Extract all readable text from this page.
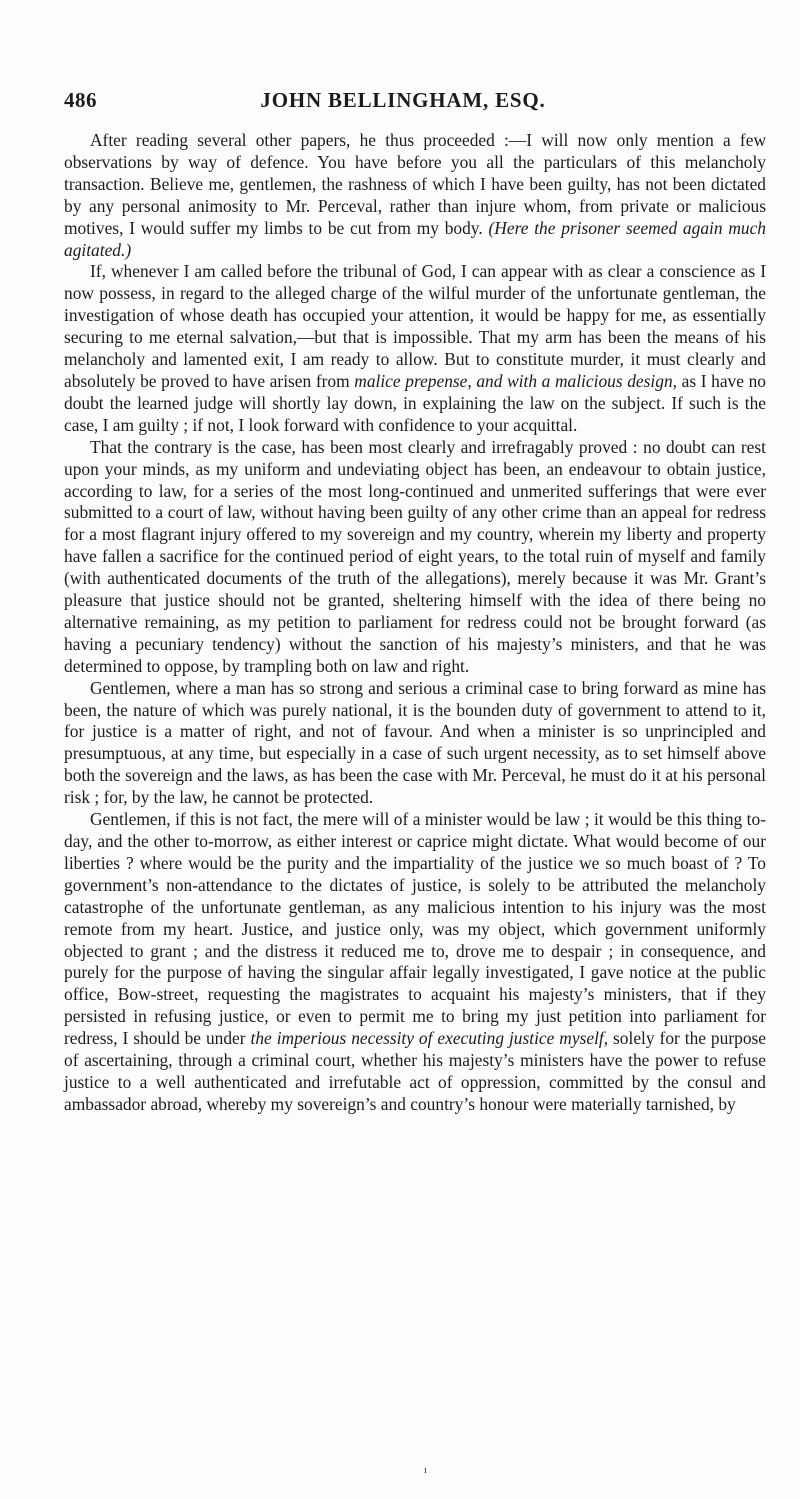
486	JOHN BELLINGHAM, ESQ.

After reading several other papers, he thus proceeded :—I will now only mention a few observations by way of defence. You have before you all the particulars of this melancholy transaction. Believe me, gentlemen, the rashness of which I have been guilty, has not been dictated by any personal animosity to Mr. Perceval, rather than injure whom, from private or malicious motives, I would suffer my limbs to be cut from my body. (Here the prisoner seemed again much agitated.)

If, whenever I am called before the tribunal of God, I can appear with as clear a conscience as I now possess, in regard to the alleged charge of the wilful murder of the unfortunate gentleman, the investigation of whose death has occupied your attention, it would be happy for me, as essentially securing to me eternal salvation,—but that is impossible. That my arm has been the means of his melancholy and lamented exit, I am ready to allow. But to constitute murder, it must clearly and absolutely be proved to have arisen from malice prepense, and with a malicious design, as I have no doubt the learned judge will shortly lay down, in explaining the law on the subject. If such is the case, I am guilty ; if not, I look forward with confidence to your acquittal.

That the contrary is the case, has been most clearly and irrefragably proved : no doubt can rest upon your minds, as my uniform and undeviating object has been, an endeavour to obtain justice, according to law, for a series of the most long-continued and unmerited sufferings that were ever submitted to a court of law, without having been guilty of any other crime than an appeal for redress for a most flagrant injury offered to my sovereign and my country, wherein my liberty and property have fallen a sacrifice for the continued period of eight years, to the total ruin of myself and family (with authenticated documents of the truth of the allegations), merely because it was Mr. Grant’s pleasure that justice should not be granted, sheltering himself with the idea of there being no alternative remaining, as my petition to parliament for redress could not be brought forward (as having a pecuniary tendency) without the sanction of his majesty’s ministers, and that he was determined to oppose, by trampling both on law and right.

Gentlemen, where a man has so strong and serious a criminal case to bring forward as mine has been, the nature of which was purely national, it is the bounden duty of government to attend to it, for justice is a matter of right, and not of favour. And when a minister is so unprincipled and presumptuous, at any time, but especially in a case of such urgent necessity, as to set himself above both the sovereign and the laws, as has been the case with Mr. Perceval, he must do it at his personal risk ; for, by the law, he cannot be protected.

Gentlemen, if this is not fact, the mere will of a minister would be law ; it would be this thing to-day, and the other to-morrow, as either interest or caprice might dictate. What would become of our liberties ? where would be the purity and the impartiality of the justice we so much boast of ? To government’s non-attendance to the dictates of justice, is solely to be attributed the melancholy catastrophe of the unfortunate gentleman, as any malicious intention to his injury was the most remote from my heart. Justice, and justice only, was my object, which government uniformly objected to grant ; and the distress it reduced me to, drove me to despair ; in consequence, and purely for the purpose of having the singular affair legally investigated, I gave notice at the public office, Bow-street, requesting the magistrates to acquaint his majesty’s ministers, that if they persisted in refusing justice, or even to permit me to bring my just petition into parliament for redress, I should be under the imperious necessity of executing justice myself, solely for the purpose of ascertaining, through a criminal court, whether his majesty’s ministers have the power to refuse justice to a well authenticated and irrefutable act of oppression, committed by the consul and ambassador abroad, whereby my sovereign’s and country’s honour were materially tarnished, by

ı
